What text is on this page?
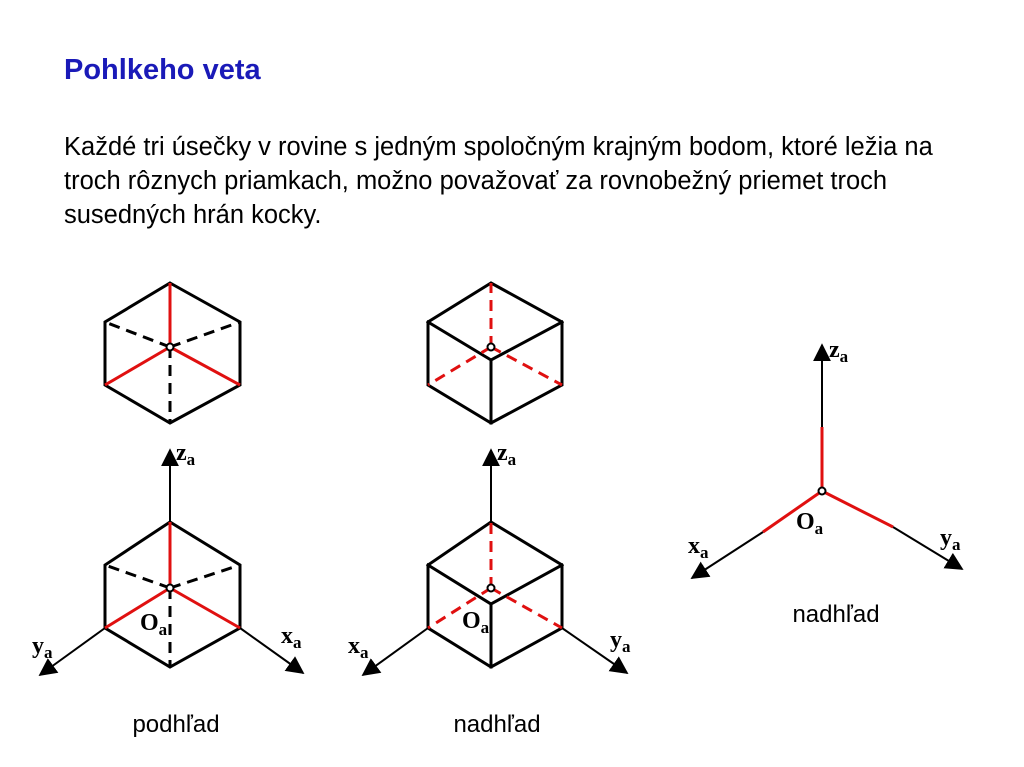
Pohlkeho veta
Každé tri úsečky v rovine s jedným spoločným krajným bodom, ktoré ležia na troch rôznych priamkach, možno považovať za rovnobežný priemet troch susedných hrán kocky.
$z_a$
$y_a$
$x_a$
$O_a$
$z_a$
$x_a$	$y_a$
$O_a$
$z_a$
$x_a$
$y_a$
$O_a$
podhľad	nadhľad
nadhľad
